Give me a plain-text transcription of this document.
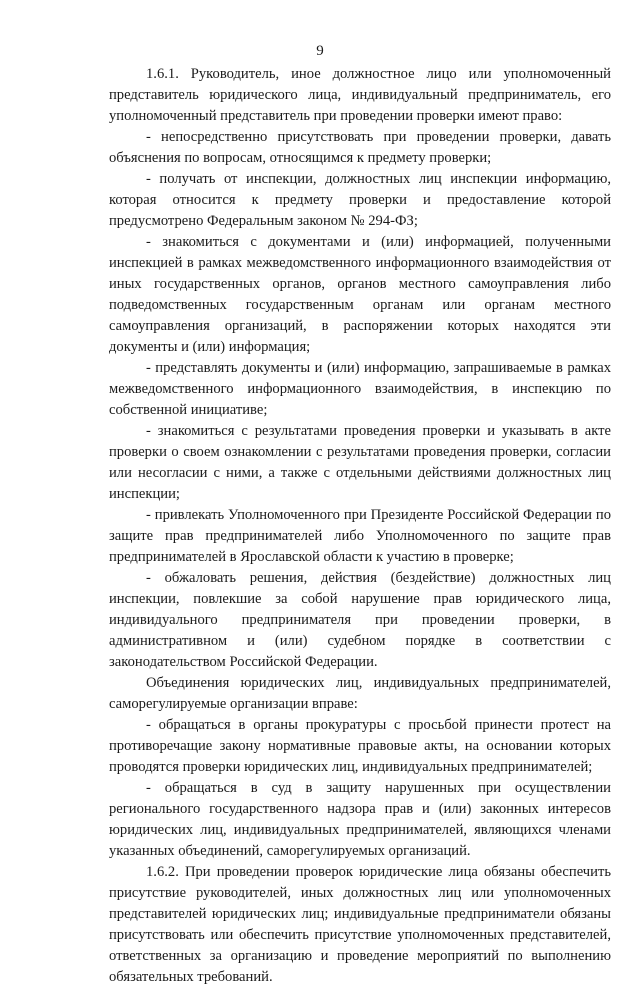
9

1.6.1. Руководитель, иное должностное лицо или уполномоченный представитель юридического лица, индивидуальный предприниматель, его уполномоченный представитель при проведении проверки имеют право:

- непосредственно присутствовать при проведении проверки, давать объяснения по вопросам, относящимся к предмету проверки;

- получать от инспекции, должностных лиц инспекции информацию, которая относится к предмету проверки и предоставление которой предусмотрено Федеральным законом № 294-ФЗ;

- знакомиться с документами и (или) информацией, полученными инспекцией в рамках межведомственного информационного взаимодействия от иных государственных органов, органов местного самоуправления либо подведомственных государственным органам или органам местного самоуправления организаций, в распоряжении которых находятся эти документы и (или) информация;

- представлять документы и (или) информацию, запрашиваемые в рамках межведомственного информационного взаимодействия, в инспекцию по собственной инициативе;

- знакомиться с результатами проведения проверки и указывать в акте проверки о своем ознакомлении с результатами проведения проверки, согласии или несогласии с ними, а также с отдельными действиями должностных лиц инспекции;

- привлекать Уполномоченного при Президенте Российской Федерации по защите прав предпринимателей либо Уполномоченного по защите прав предпринимателей в Ярославской области к участию в проверке;

- обжаловать решения, действия (бездействие) должностных лиц инспекции, повлекшие за собой нарушение прав юридического лица, индивидуального предпринимателя при проведении проверки, в административном и (или) судебном порядке в соответствии с законодательством Российской Федерации.

Объединения юридических лиц, индивидуальных предпринимателей, саморегулируемые организации вправе:

- обращаться в органы прокуратуры с просьбой принести протест на противоречащие закону нормативные правовые акты, на основании которых проводятся проверки юридических лиц, индивидуальных предпринимателей;

- обращаться в суд в защиту нарушенных при осуществлении регионального государственного надзора прав и (или) законных интересов юридических лиц, индивидуальных предпринимателей, являющихся членами указанных объединений, саморегулируемых организаций.

1.6.2. При проведении проверок юридические лица обязаны обеспечить присутствие руководителей, иных должностных лиц или уполномоченных представителей юридических лиц; индивидуальные предприниматели обязаны присутствовать или обеспечить присутствие уполномоченных представителей, ответственных за организацию и проведение мероприятий по выполнению обязательных требований.
